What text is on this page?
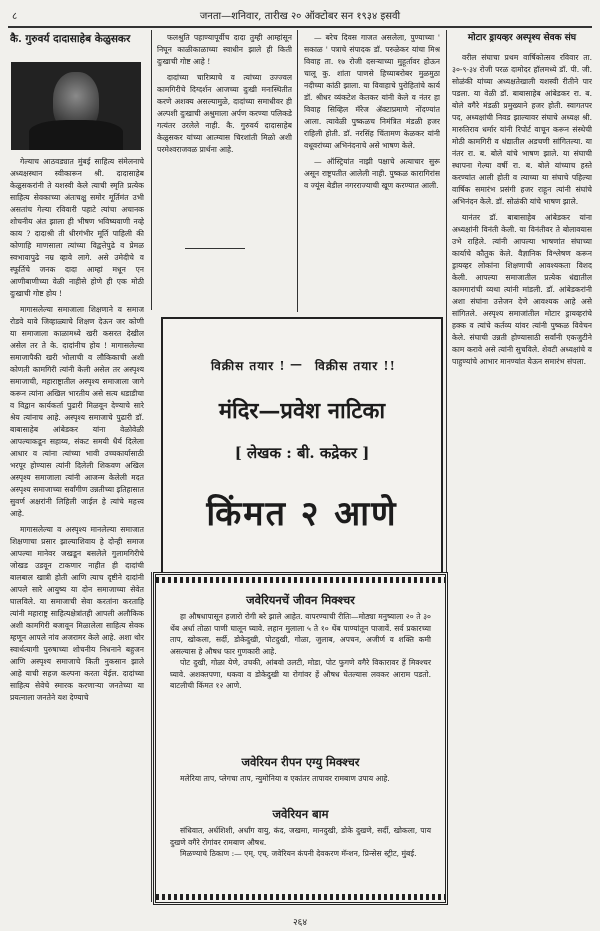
८	जनता—शनिवार, तारीख २० ऑक्टोबर सन १९३४ इसवी
कै. गुरुवर्य दादासाहेब केळुसकर

गेल्याच आठवड्यात मुंबई साहित्य संमेलनाचे अध्यक्षस्थान स्वीकारून श्री. दादासाहेब केळुसकरांनी ते यशस्वी केले त्याची स्मृति प्रत्येक साहित्य सेवकाच्या अंतःचक्षु समोर मूर्तिमंत उभी असतांच गेल्या रविवारी पहाटे त्यांचा अचानक शोचनीय अंत झाला ही भीषण भविष्यवाणी नव्हे काय ? दादाश्री ती धीरगंभीर मूर्ति पाहिली की कोणाहि माणसाला त्यांच्या विद्वत्तेपुढे व प्रेमळ स्वभावापुढे नम्र व्हावे लागे. असे उमेदीचे व स्फूर्तिचे जनक दादा आम्हां मधून एन आणीबाणीच्या वेळी नाहीसे होणे ही एक मोठी दुःखाची गोष्ट होय !

मागासलेल्या समाजाला शिक्षणाने व समाज रोडवे यावे जिव्हाळ्याचे शिक्षण देऊन जर कोणी या समाजाला काळामध्ये खरी कसरत देखील असेल तर ते के. दादांनीच होय ! मागासलेल्या समाजापैकी खरी भोलाची व लौकिकाची अशी कोणती कामगिरी त्यांनी केली असेल तर अस्पृश्य समाजाची, महाराष्ट्रातील अस्पृश्य समाजाला जागे करून त्यांना अखिल भारतीय असे सत्य धडाडीचा व विद्वान कार्यकर्ता पुढारी मिळवून देण्याचे सारे श्रेय त्यांनाच आहे. अस्पृश्य समाजाचे पुढारी डॉ. बाबासाहेब आंबेडकर यांना वेळोवेळी आपल्याकडून सहाय्य, संकट समयी धैर्य दिलेला आधार व त्यांना त्यांच्या भावी उच्चकार्यासाठी भरपूर होण्यास त्यांनी दिलेली शिकवण अखिल अस्पृश्य समाजाला त्यांनी आजन्म केलेली मदत अस्पृश्य समाजाच्या सर्वांगीण उन्नतीच्या इतिहासात सुवर्ण अक्षरांनी लिहिली जाईल हे त्यांचे महत्त्व आहे.

मागासलेल्या व अस्पृश्य मानलेल्या समाजात शिक्षणाचा प्रसार झाल्याशिवाय हे दोन्ही समाज आपल्या मानेवर जखडून बसलेले गुलामगिरीचे जोखड उडवून टाकणार नाहीत ही दादांची बालबाल खात्री होती आणि त्याच दृष्टीने दादांनी आपले सारे आयुष्य या दोन समाजाच्या सेवेत घालविले. या समाजाची सेवा करतांना करताहि त्यांनी महाराष्ट्र साहित्यक्षेत्रांतही आपली अलौकिक अशी कामगिरी बजावून मिळालेला साहित्य सेवक म्हणून आपले नांव अजरामर केले आहे. अशा थोर स्वार्थत्यागी पुरुषाच्या शोचनीय निधनाने बहुजन आणि अस्पृश्य समाजाचे किती नुकसान झाले आहे याची सहज कल्पना करता येईल. दादांच्या साहित्य सेवेचे स्मारक करणाऱ्या जनतेच्या या प्रयत्नाला जनतेने यश देण्याचे

फलश्रुति पहाण्यापूर्वीच दादा तुम्ही आम्हांसून निघून काळीकाळाच्या स्वाधीन झाले ही किती दुःखाची गोष्ट आहे !

दादांच्या चारित्र्याचे व त्यांच्या उज्ज्वल कामगिरीचे दिग्दर्शन आजच्या दुःखी मनःस्थितीत करणे अशक्य असल्यामुळे, दादांच्या समाधीवर ही अल्पशी दुःखाची अश्रुमाला अर्पण करण्या पलिकडे गत्यंतर उरलेले नाही. कै. गुरुवर्य दादासाहेब केळुसकर यांच्या आत्म्यास चिरशांती मिळो अशी परमेश्वराजवळ प्रार्थना आहे.

— बरेच दिवस गाजत असलेला, पुण्याच्या ' सकाळ ' पत्राचे संपादक डॉ. परुळेकर यांचा मिश्र विवाह ता. १७ रोजी दसऱ्याच्या मुहूर्तावर होऊन चालू कु. शांता पाणसे हिच्याबरोबर मुळमुठा नदीच्या कांठी झाला. या विवाहाचे पुरोहितांचे कार्य डॉ. श्रीधर व्यंकटेश केतकर यांनी केले व नंतर हा विवाह सिव्हिल मॅरेज ॲक्टाप्रमाणे नोंदण्यांत आला. त्यावेळी पुष्कळच निमंत्रित मंडळी हजर राहिली होती. डॉ. नरसिंह चिंतामण केळकर यांनी वधूवरांच्या अभिनंदनाचे असे भाषण केले.

— ऑस्ट्रियांत नाझी पक्षाचे अत्याचार सुरू असून राष्ट्रपतीत आलेली नाही. पुष्कळ कारागिरांस व ज्यूंस बेडील नगरराज्याची खूण करण्यात आली.

विक्रीस तयार ! — विक्रीस तयार !!
मंदिर—प्रवेश नाटिका
[ लेखक : बी. कद्रेकर ]
किंमत २ आणे
जवेरियनचें जीवन मिक्श्चर

हा औषधापासून हजारो रोगी बरे झाले आहेत. वापरण्याची रीतिः—मोठ्या मनुष्याला २० ते ३० थेंब अर्धा तोळा पाणी घालून घ्यावे. लहान मुलाला ५ ते १० थेंब पाण्यांतून पाजावें. सर्व प्रकारच्या ताप, खोकला, सर्दी, डोकेदुखी, पोटदुखी, गोळा, जुलाब, अपचन, अजीर्ण व शक्ति कमी असल्यास हे औषध फार गुणकारी आहे.

पोट दुखी, गोळा येणे, उचकी, आंबवो उलटी, मोडा, पोट फुगणे वगैरे विकारावर हें मिक्श्चर घ्यावे. अशक्तपणा, थकवा व डोकेदुखी या रोगांवर हें औषध घेतल्यास लवकर आराम पडतो. बाटलीची किंमत १२ आणे.

जवेरियन रीपन एग्यु मिक्श्चर

मलेरिया ताप, प्लेगचा ताप, न्युमोनिया व एकांतर तापावर रामबाण उपाय आहे.

जवेरियन बाम

संधिवात, अर्धशिशी, अर्धांग वायु, कंद, जखमा, मानदुखी, डोके दुखणे, सर्दी, खोकला, पाय दुखणे वगैरे रोगांवर रामबाण औषध.

मिळण्याचे ठिकाण :— एम्. एच्. जवेरियन कंपनी देवकरण मॅन्शन, प्रिन्सेस स्ट्रीट, मुंबई.

मोटार ड्रायव्हर अस्पृश्य सेवक संघ

वरील संघाचा प्रथम वार्षिकोत्सव रविवार ता. ३०-९-३४ रोजी परळ दामोदर हॉलमध्ये डॉ. पी. जी. सोळंकी यांच्या अध्यक्षतेखाली यशस्वी रीतीने पार पडला. या वेळी डॉ. बाबासाहेब आंबेडकर रा. ब. बोले वगैरे मंडळी प्रमुख्याने हजर होती. स्वागतपर पद, अध्यक्षांची निवड झाल्यावर संघाचे अध्यक्ष श्री. मारुतिराव धर्मार यांनी रिपोर्ट वाचून करून संस्थेची मोठी कामगिरी व धंद्यातील अडचणी सांगितल्या. या नंतर रा. ब. बोले यांचे भाषण झाले. या संघाची स्थापना गेल्या वर्षी रा. ब. बोले यांच्याच हस्ते करण्यांत आली होती व त्याच्या या संघाचे पहिल्या वार्षिक समारंभ प्रसंगी हजर राहून त्यांनी संघांचे अभिनंदन केले. डॉ. सोळंकी यांचे भाषण झाले.

यानंतर डॉ. बाबासाहेब आंबेडकर यांना अध्यक्षांनी विनंती केली. या विनंतीवर ते बोलावयास उभे राहिले. त्यांनी आपल्या भाषणांत संघाच्या कार्याचे कौतुक केले. वैज्ञानिक विश्लेषण करून ड्रायव्हर लोकांना शिक्षणाची आवश्यकता विशद केली. आपल्या समाजातील प्रत्येक धंद्यातील कामगारांची व्यथा त्यांनी मांडली. डॉ. आंबेडकरांनी अशा संघांना उत्तेजन देणे आवश्यक आहे असे सांगितले. अस्पृश्य समाजांतील मोटार ड्रायव्हरांचे हक्क व त्यांचे कर्तव्य यांवर त्यांनी पुष्कळ विवेचन केले. संघाची उन्नती होण्यासाठी सर्वांनी एकजुटीने काम करावे असे त्यांनी सुचविले. शेवटी अध्यक्षांचे व पाहुण्यांचे आभार मानण्यांत येऊन समारंभ संपला.

२६४
